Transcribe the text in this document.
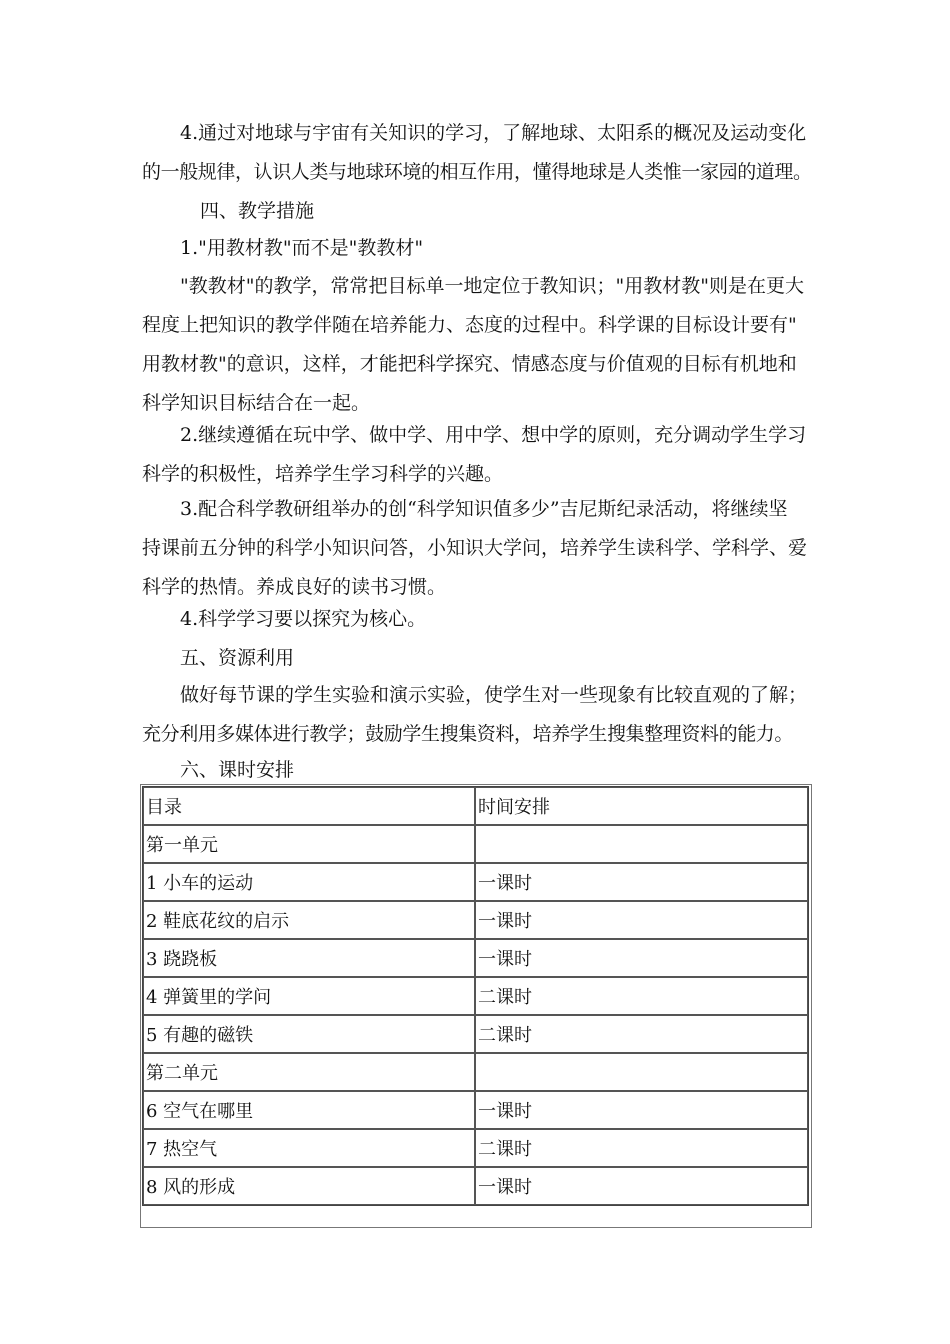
4.通过对地球与宇宙有关知识的学习，了解地球、太阳系的概况及运动变化
的一般规律，认识人类与地球环境的相互作用，懂得地球是人类惟一家园的道理。

四、教学措施

1."用教材教"而不是"教教材"

"教教材"的教学，常常把目标单一地定位于教知识；"用教材教"则是在更大
程度上把知识的教学伴随在培养能力、态度的过程中。科学课的目标设计要有"
用教材教"的意识，这样，才能把科学探究、情感态度与价值观的目标有机地和
科学知识目标结合在一起。

2.继续遵循在玩中学、做中学、用中学、想中学的原则，充分调动学生学习
科学的积极性，培养学生学习科学的兴趣。

3.配合科学教研组举办的创“科学知识值多少”吉尼斯纪录活动，将继续坚
持课前五分钟的科学小知识问答，小知识大学问，培养学生读科学、学科学、爱
科学的热情。养成良好的读书习惯。

4.科学学习要以探究为核心。

五、资源利用

做好每节课的学生实验和演示实验，使学生对一些现象有比较直观的了解；
充分利用多媒体进行教学；鼓励学生搜集资料，培养学生搜集整理资料的能力。

六、课时安排

目录	时间安排
第一单元	
1 小车的运动	一课时
2 鞋底花纹的启示	一课时
3 跷跷板	一课时
4 弹簧里的学问	二课时
5 有趣的磁铁	二课时
第二单元	
6 空气在哪里	一课时
7 热空气	二课时
8 风的形成	一课时
